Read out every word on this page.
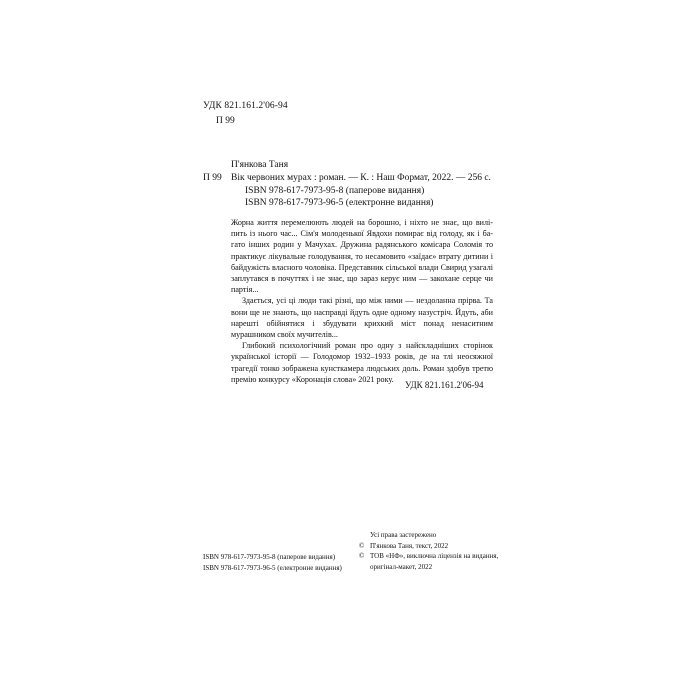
УДК 821.161.2'06-94
П 99
П'янкова Таня
П 99 Вік червоних мурах : роман. — К. : Наш Формат, 2022. — 256 с.
ISBN 978-617-7973-95-8 (паперове видання)
ISBN 978-617-7973-96-5 (електронне видання)

Жорна життя перемелюють людей на борошно, і ніхто не знає, що вилі-пить із нього час... Сім'я молоденької Явдохи помирає від голоду, як і ба-гато інших родин у Мачухах. Дружина радянського комісара Соломія то практикує лікувальне голодування, то несамовито «заїдає» втрату дитини і байдужість власного чоловіка. Представник сільської влади Свирид узагалі заплутався в почуттях і не знає, що зараз керує ним — закохане серце чи партія...

Здається, усі ці люди такі різні, що між ними — нездоланна прірва. Та вони ще не знають, що насправді йдуть одне одному назустріч. Йдуть, аби нарешті обійнятися і збудувати крихкий міст понад ненаситним мурашником своїх мучителів...

Глибокий психологічний роман про одну з найскладніших сторінок української історії — Голодомор 1932–1933 років, де на тлі неосяжної трагедії тонко зображена кунсткамера людських доль. Роман здобув третю премію конкурсу «Коронація слова» 2021 року.

УДК 821.161.2'06-94
ISBN 978-617-7973-95-8 (паперове видання)
ISBN 978-617-7973-96-5 (електронне видання)
Усі права застережено
© П'янкова Таня, текст, 2022
© ТОВ «НФ», виключна ліцензія на видання,
оригінал-макет, 2022
